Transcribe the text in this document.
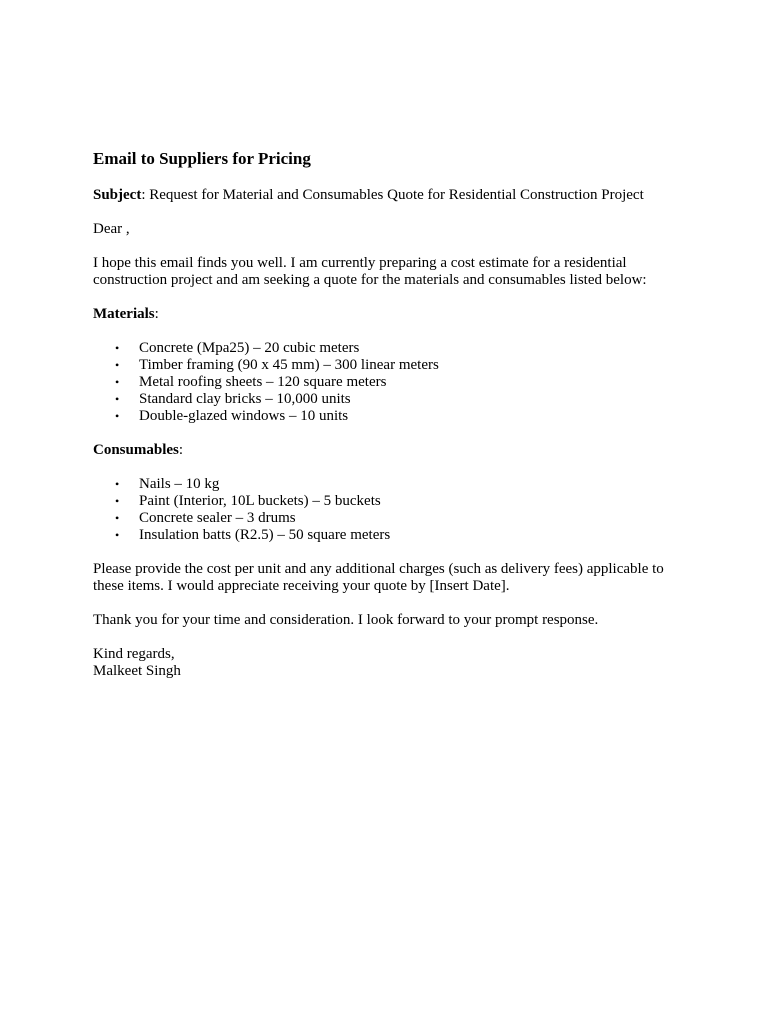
Email to Suppliers for Pricing

Subject: Request for Material and Consumables Quote for Residential Construction Project

Dear ,

I hope this email finds you well. I am currently preparing a cost estimate for a residential construction project and am seeking a quote for the materials and consumables listed below:

Materials:

• Concrete (Mpa25) – 20 cubic meters
• Timber framing (90 x 45 mm) – 300 linear meters
• Metal roofing sheets – 120 square meters
• Standard clay bricks – 10,000 units
• Double-glazed windows – 10 units

Consumables:

• Nails – 10 kg
• Paint (Interior, 10L buckets) – 5 buckets
• Concrete sealer – 3 drums
• Insulation batts (R2.5) – 50 square meters

Please provide the cost per unit and any additional charges (such as delivery fees) applicable to these items. I would appreciate receiving your quote by [Insert Date].

Thank you for your time and consideration. I look forward to your prompt response.

Kind regards,

Malkeet Singh
